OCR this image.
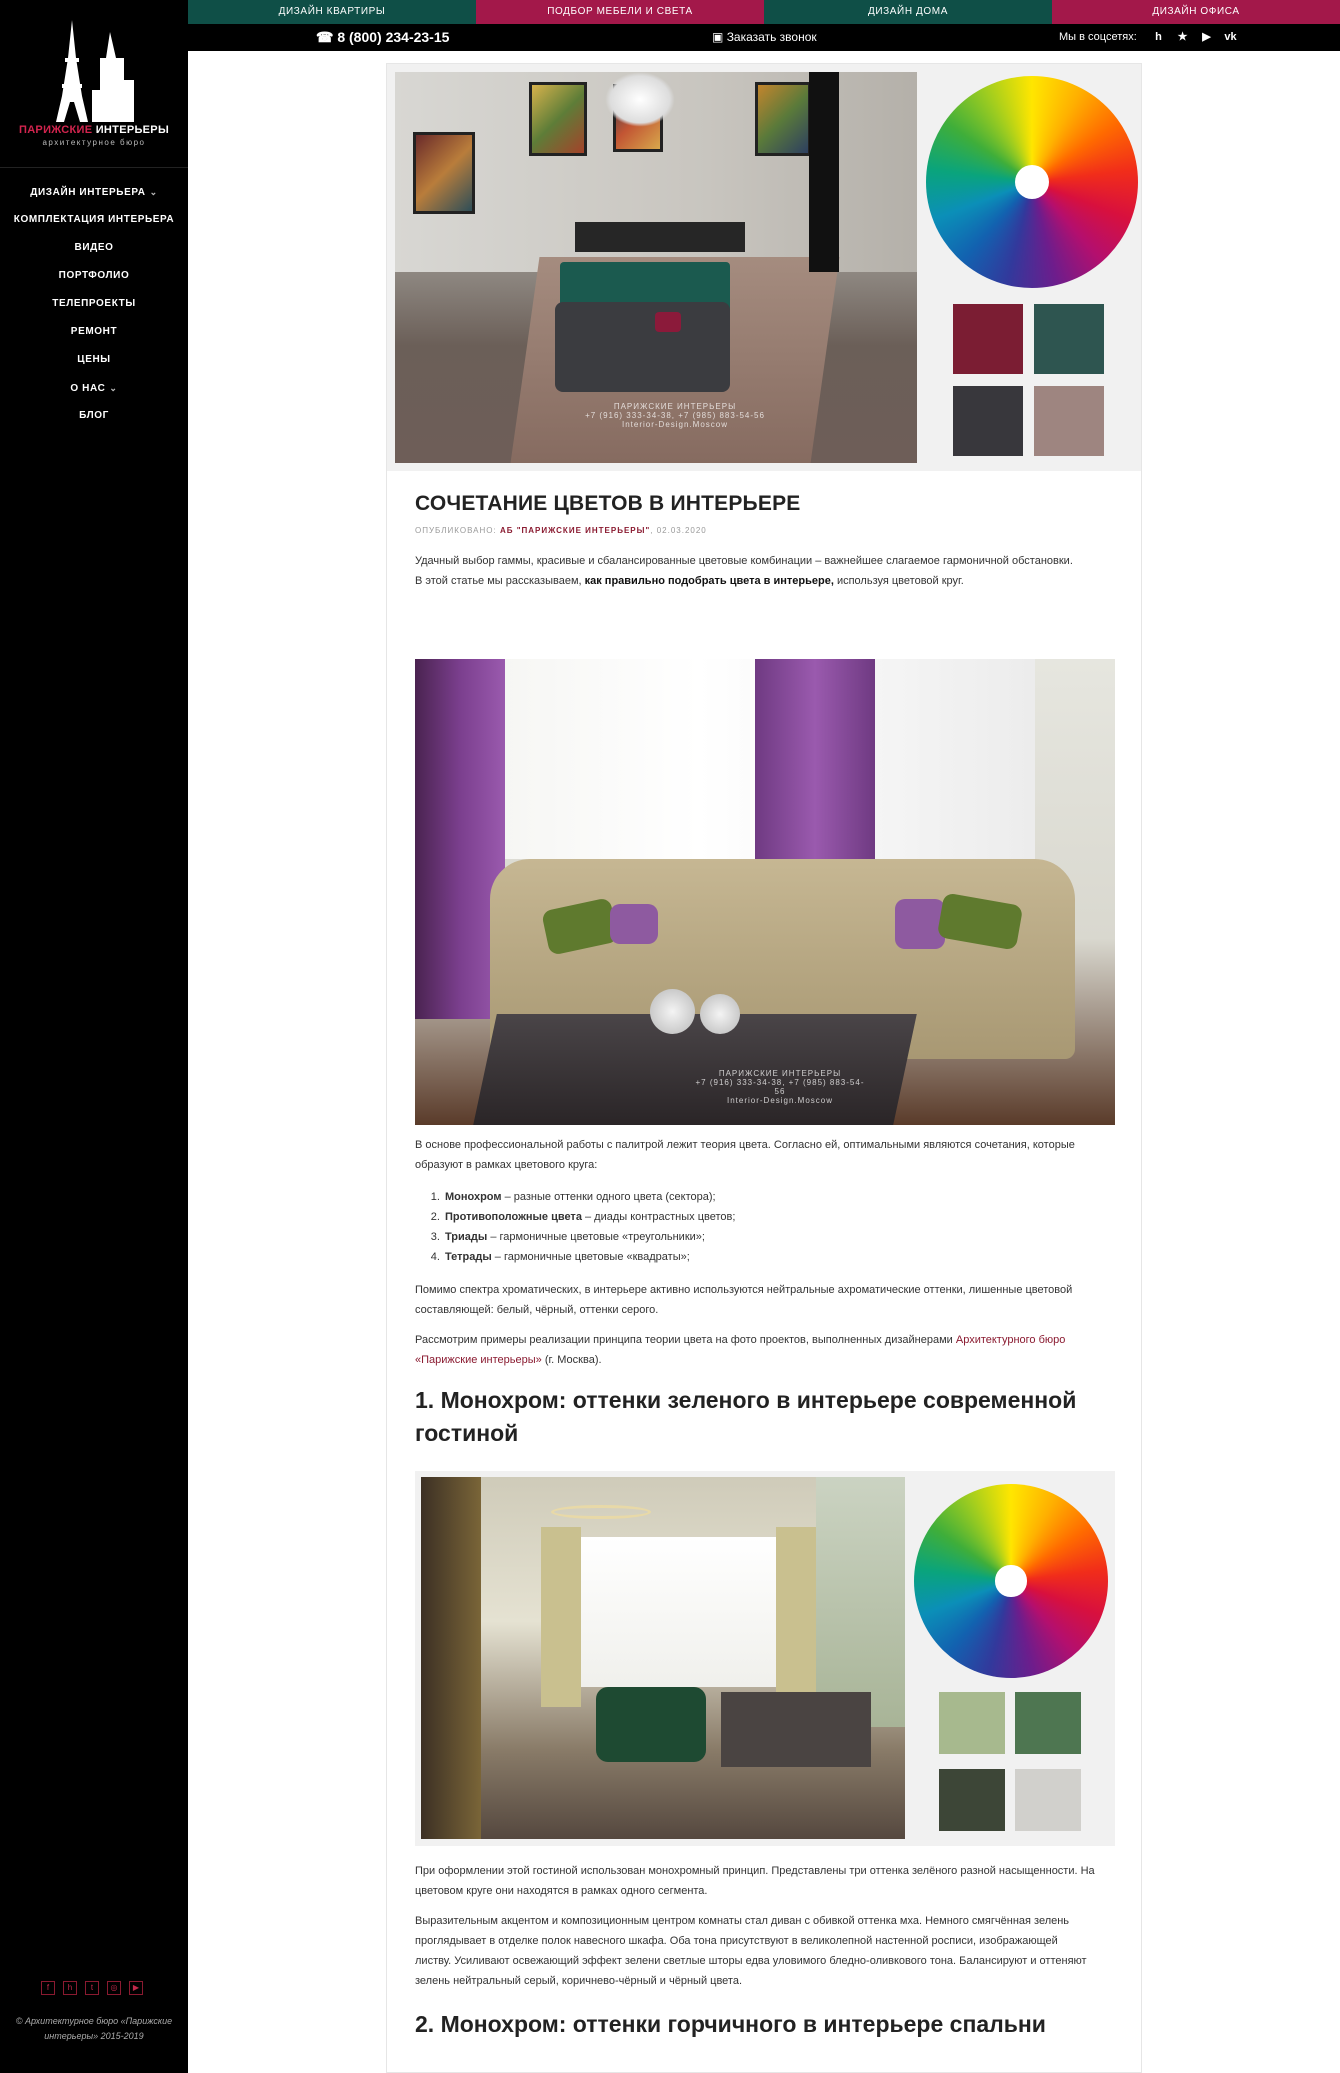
ПАРИЖСКИЕ ИНТЕРЬЕРЫ
архитектурное бюро
ДИЗАЙН ИНТЕРЬЕРА ⌄
КОМПЛЕКТАЦИЯ ИНТЕРЬЕРА
ВИДЕО
ПОРТФОЛИО
ТЕЛЕПРОЕКТЫ
РЕМОНТ
ЦЕНЫ
О НАС ⌄
БЛОГ
f	h	t	◎	▶
© Архитектурное бюро «Парижские интерьеры» 2015-2019
ДИЗАЙН КВАРТИРЫ	ПОДБОР МЕБЕЛИ И СВЕТА	ДИЗАЙН ДОМА	ДИЗАЙН ОФИСА
☎ 8 (800) 234-23-15	▣ Заказать звонок	Мы в соцсетях:	h	★ ▶ vk
ПАРИЖСКИЕ ИНТЕРЬЕРЫ
+7 (916) 333-34-38, +7 (985) 883-54-56
Interior-Design.Moscow
СОЧЕТАНИЕ ЦВЕТОВ В ИНТЕРЬЕРЕ
ОПУБЛИКОВАНО: АБ "ПАРИЖСКИЕ ИНТЕРЬЕРЫ", 02.03.2020

Удачный выбор гаммы, красивые и сбалансированные цветовые комбинации – важнейшее слагаемое гармоничной обстановки. В этой статье мы рассказываем, как правильно подобрать цвета в интерьере, используя цветовой круг.

ПАРИЖСКИЕ ИНТЕРЬЕРЫ
+7 (916) 333-34-38, +7 (985) 883-54-56
Interior-Design.Moscow

В основе профессиональной работы с палитрой лежит теория цвета. Согласно ей, оптимальными являются сочетания, которые образуют в рамках цветового круга:

1. Монохром – разные оттенки одного цвета (сектора);
2. Противоположные цвета – диады контрастных цветов;
3. Триады – гармоничные цветовые «треугольники»;
4. Тетрады – гармоничные цветовые «квадраты»;

Помимо спектра хроматических, в интерьере активно используются нейтральные ахроматические оттенки, лишенные цветовой составляющей: белый, чёрный, оттенки серого.

Рассмотрим примеры реализации принципа теории цвета на фото проектов, выполненных дизайнерами Архитектурного бюро «Парижские интерьеры» (г. Москва).

1. Монохром: оттенки зеленого в интерьере современной гостиной

При оформлении этой гостиной использован монохромный принцип. Представлены три оттенка зелёного разной насыщенности. На цветовом круге они находятся в рамках одного сегмента.

Выразительным акцентом и композиционным центром комнаты стал диван с обивкой оттенка мха. Немного смягчённая зелень проглядывает в отделке полок навесного шкафа. Оба тона присутствуют в великолепной настенной росписи, изображающей листву. Усиливают освежающий эффект зелени светлые шторы едва уловимого бледно-оливкового тона. Балансируют и оттеняют зелень нейтральный серый, коричнево-чёрный и чёрный цвета.

2. Монохром: оттенки горчичного в интерьере спальни
